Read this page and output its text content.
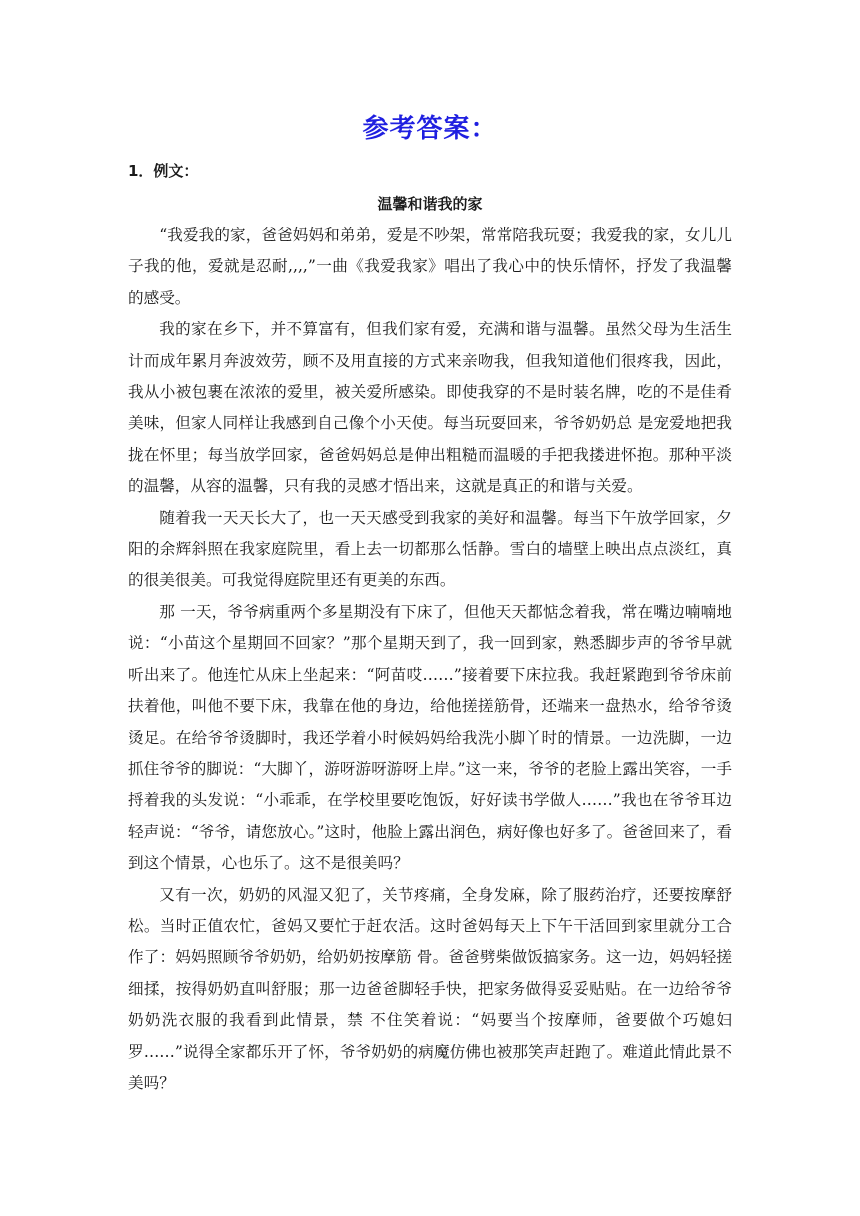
参考答案：
1．例文：
温馨和谐我的家

“我爱我的家，爸爸妈妈和弟弟，爱是不吵架，常常陪我玩耍；我爱我的家，女儿儿子我的他，爱就是忍耐,,,,”一曲《我爱我家》唱出了我心中的快乐情怀，抒发了我温馨的感受。

我的家在乡下，并不算富有，但我们家有爱，充满和谐与温馨。虽然父母为生活生计而成年累月奔波效劳，顾不及用直接的方式来亲吻我，但我知道他们很疼我，因此，我从小被包裹在浓浓的爱里，被关爱所感染。即使我穿的不是时装名牌，吃的不是佳肴美味，但家人同样让我感到自己像个小天使。每当玩耍回来，爷爷奶奶总 是宠爱地把我拢在怀里；每当放学回家，爸爸妈妈总是伸出粗糙而温暖的手把我搂进怀抱。那种平淡的温馨，从容的温馨，只有我的灵感才悟出来，这就是真正的和谐与关爱。

随着我一天天长大了，也一天天感受到我家的美好和温馨。每当下午放学回家，夕阳的余辉斜照在我家庭院里，看上去一切都那么恬静。雪白的墙壁上映出点点淡红，真的很美很美。可我觉得庭院里还有更美的东西。

那 一天，爷爷病重两个多星期没有下床了，但他天天都惦念着我，常在嘴边喃喃地说：“小苗这个星期回不回家？”那个星期天到了，我一回到家，熟悉脚步声的爷爷早就听出来了。他连忙从床上坐起来：“阿苗哎……”接着要下床拉我。我赶紧跑到爷爷床前扶着他，叫他不要下床，我靠在他的身边，给他搓搓筋骨，还端来一盘热水，给爷爷烫烫足。在给爷爷烫脚时，我还学着小时候妈妈给我洗小脚丫时的情景。一边洗脚，一边抓住爷爷的脚说：“大脚丫，游呀游呀游呀上岸。”这一来，爷爷的老脸上露出笑容，一手捋着我的头发说：“小乖乖，在学校里要吃饱饭，好好读书学做人……”我也在爷爷耳边轻声说：“爷爷，请您放心。”这时，他脸上露出润色，病好像也好多了。爸爸回来了，看到这个情景，心也乐了。这不是很美吗？

又有一次，奶奶的风湿又犯了，关节疼痛，全身发麻，除了服药治疗，还要按摩舒松。当时正值农忙，爸妈又要忙于赶农活。这时爸妈每天上下午干活回到家里就分工合作了：妈妈照顾爷爷奶奶，给奶奶按摩筋 骨。爸爸劈柴做饭搞家务。这一边，妈妈轻搓细揉，按得奶奶直叫舒服；那一边爸爸脚轻手快，把家务做得妥妥贴贴。在一边给爷爷奶奶洗衣服的我看到此情景，禁 不住笑着说：“妈要当个按摩师，爸要做个巧媳妇罗……”说得全家都乐开了怀，爷爷奶奶的病魔仿佛也被那笑声赶跑了。难道此情此景不美吗？
